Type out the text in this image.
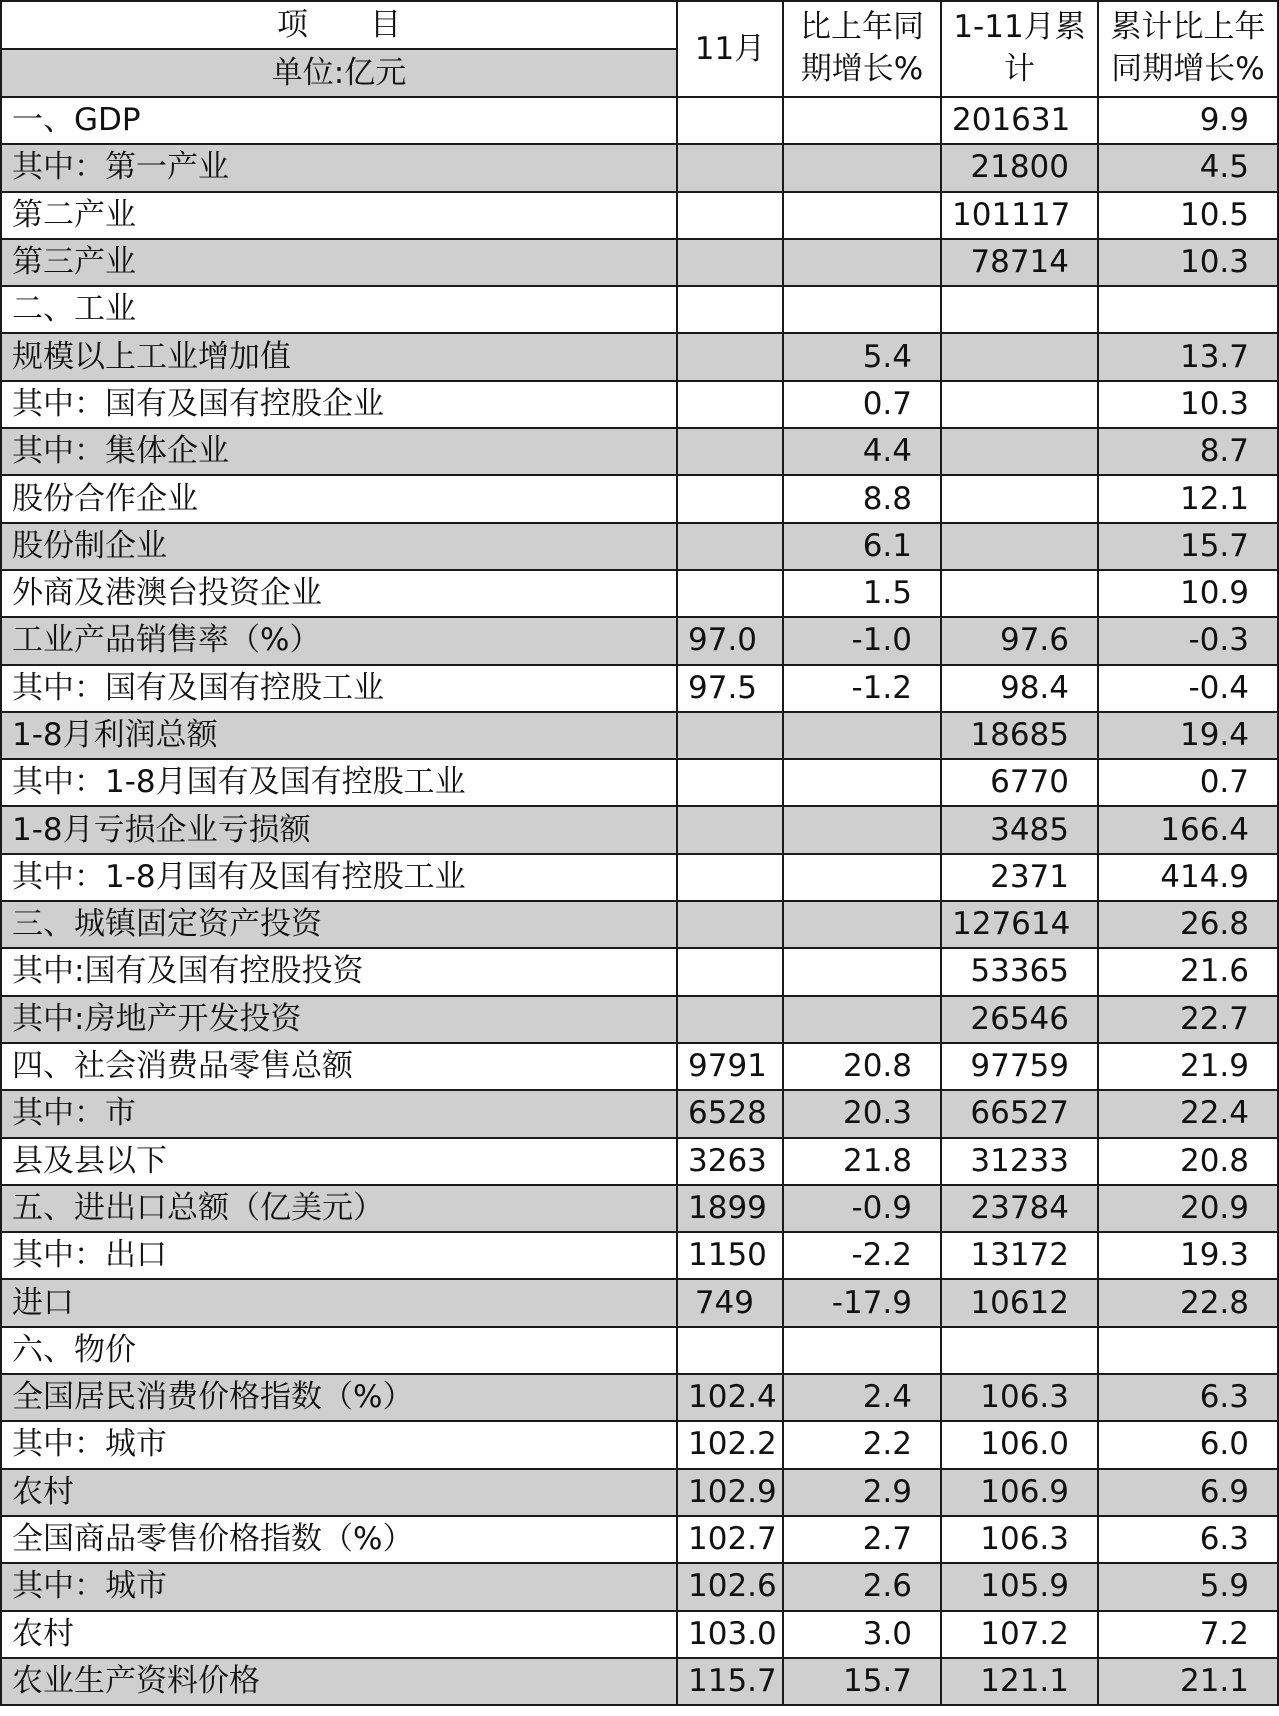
项　　目	11月	比上年同期增长%	1-11月累　计	累计比上年同期增长%
单位:亿元				
一、GDP			201631	9.9
其中：第一产业			21800	4.5
第二产业			101117	10.5
第三产业			78714	10.3
二、工业				
规模以上工业增加值		5.4		13.7
其中：国有及国有控股企业		0.7		10.3
其中：集体企业		4.4		8.7
股份合作企业		8.8		12.1
股份制企业		6.1		15.7
外商及港澳台投资企业		1.5		10.9
工业产品销售率（%）	97.0	-1.0	97.6	-0.3
其中：国有及国有控股工业	97.5	-1.2	98.4	-0.4
1-8月利润总额			18685	19.4
其中：1-8月国有及国有控股工业			6770	0.7
1-8月亏损企业亏损额			3485	166.4
其中：1-8月国有及国有控股工业			2371	414.9
三、城镇固定资产投资			127614	26.8
其中:国有及国有控股投资			53365	21.6
其中:房地产开发投资			26546	22.7
四、社会消费品零售总额	9791	20.8	97759	21.9
其中：市	6528	20.3	66527	22.4
县及县以下	3263	21.8	31233	20.8
五、进出口总额（亿美元）	1899	-0.9	23784	20.9
其中：出口	1150	-2.2	13172	19.3
进口	749	-17.9	10612	22.8
六、物价				
全国居民消费价格指数（%）	102.4	2.4	106.3	6.3
其中：城市	102.2	2.2	106.0	6.0
农村	102.9	2.9	106.9	6.9
全国商品零售价格指数（%）	102.7	2.7	106.3	6.3
其中：城市	102.6	2.6	105.9	5.9
农村	103.0	3.0	107.2	7.2
农业生产资料价格	115.7	15.7	121.1	21.1
